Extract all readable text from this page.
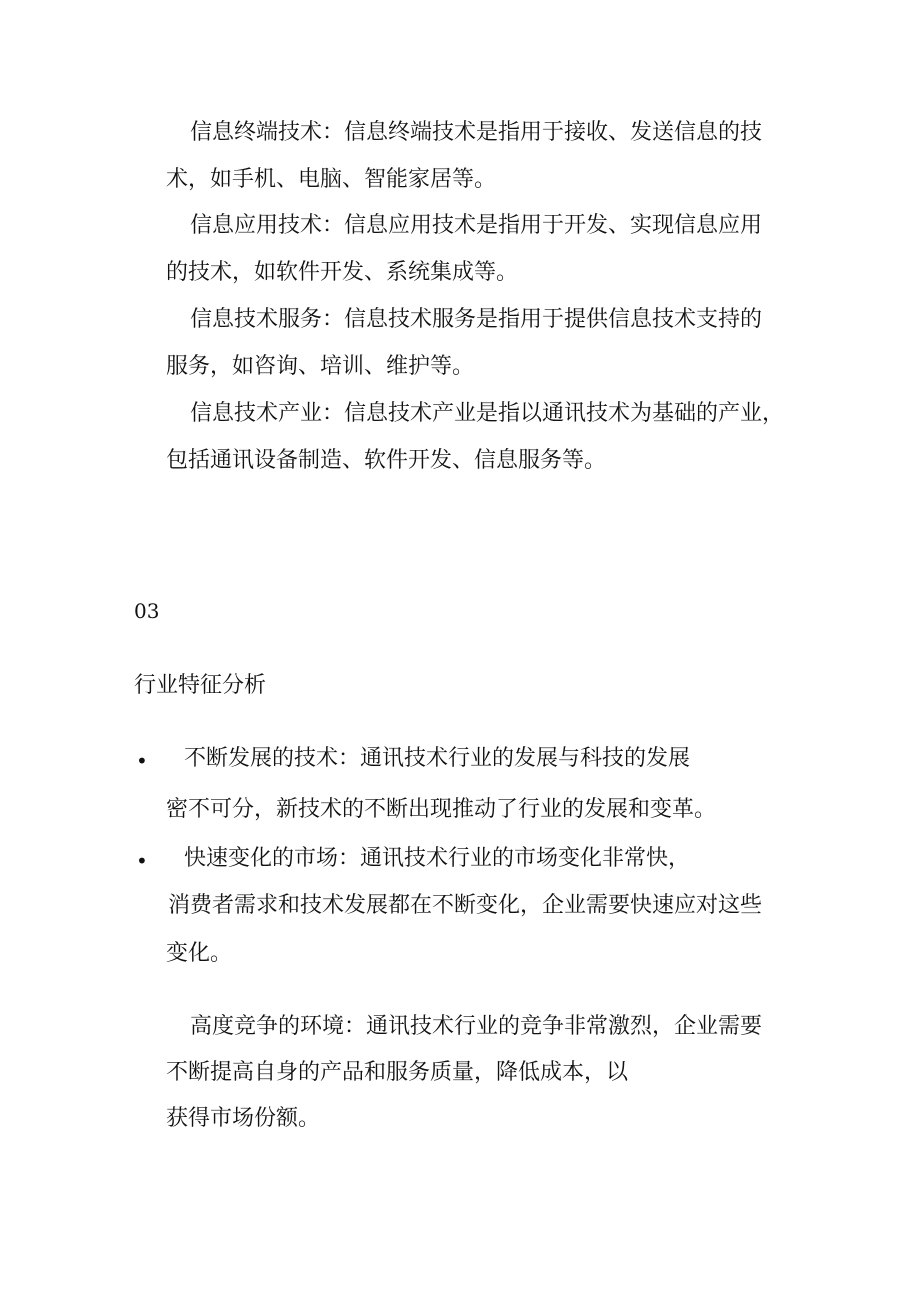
信息终端技术：信息终端技术是指用于接收、发送信息的技

术，如手机、电脑、智能家居等。

信息应用技术：信息应用技术是指用于开发、实现信息应用

的技术，如软件开发、系统集成等。

信息技术服务：信息技术服务是指用于提供信息技术支持的

服务，如咨询、培训、维护等。

信息技术产业：信息技术产业是指以通讯技术为基础的产业，

包括通讯设备制造、软件开发、信息服务等。

03

行业特征分析

• 不断发展的技术：通讯技术行业的发展与科技的发展

密不可分，新技术的不断出现推动了行业的发展和变革。

• 快速变化的市场：通讯技术行业的市场变化非常快，

消费者需求和技术发展都在不断变化，企业需要快速应对这些

变化。

高度竞争的环境：通讯技术行业的竞争非常激烈，企业需要

不断提高自身的产品和服务质量，降低成本，以

获得市场份额。
